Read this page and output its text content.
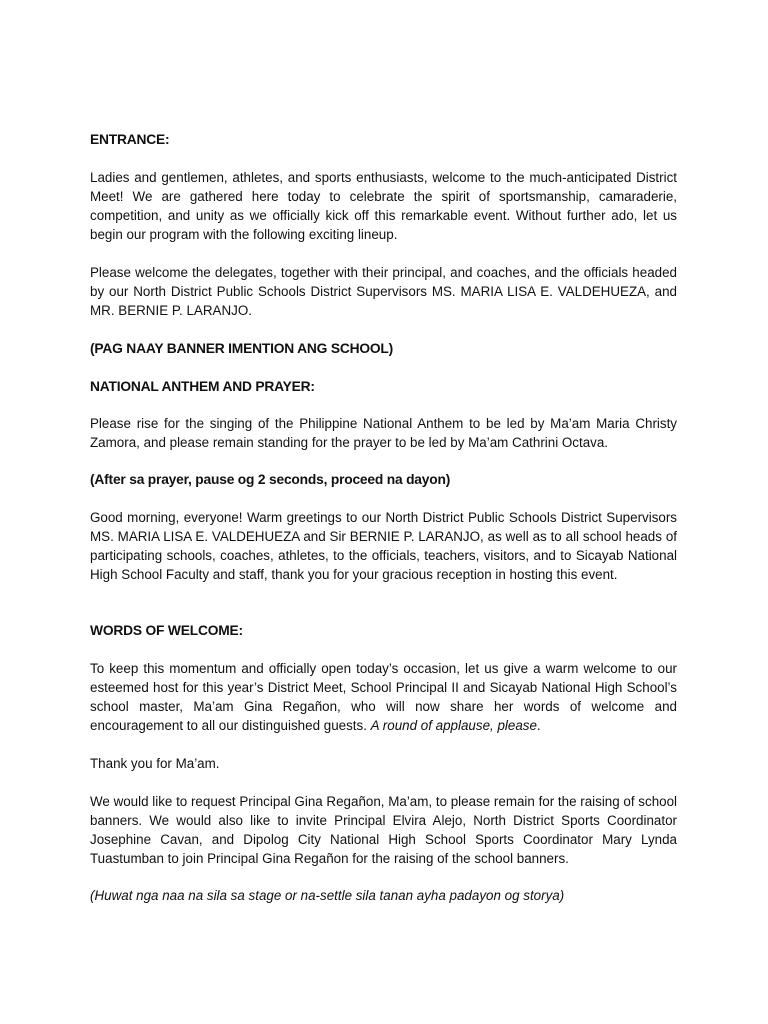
ENTRANCE:

Ladies and gentlemen, athletes, and sports enthusiasts, welcome to the much-anticipated District Meet! We are gathered here today to celebrate the spirit of sportsmanship, camaraderie, competition, and unity as we officially kick off this remarkable event. Without further ado, let us begin our program with the following exciting lineup.

Please welcome the delegates, together with their principal, and coaches, and the officials headed by our North District Public Schools District Supervisors MS. MARIA LISA E. VALDEHUEZA, and MR. BERNIE P. LARANJO.

(PAG NAAY BANNER IMENTION ANG SCHOOL)

NATIONAL ANTHEM AND PRAYER:

Please rise for the singing of the Philippine National Anthem to be led by Ma’am Maria Christy Zamora, and please remain standing for the prayer to be led by Ma’am Cathrini Octava.

(After sa prayer, pause og 2 seconds, proceed na dayon)

Good morning, everyone! Warm greetings to our North District Public Schools District Supervisors MS. MARIA LISA E. VALDEHUEZA and Sir BERNIE P. LARANJO, as well as to all school heads of participating schools, coaches, athletes, to the officials, teachers, visitors, and to Sicayab National High School Faculty and staff, thank you for your gracious reception in hosting this event.

WORDS OF WELCOME:

To keep this momentum and officially open today’s occasion, let us give a warm welcome to our esteemed host for this year’s District Meet, School Principal II and Sicayab National High School’s school master, Ma’am Gina Regañon, who will now share her words of welcome and encouragement to all our distinguished guests. A round of applause, please.

Thank you for Ma’am.

We would like to request Principal Gina Regañon, Ma’am, to please remain for the raising of school banners. We would also like to invite Principal Elvira Alejo, North District Sports Coordinator Josephine Cavan, and Dipolog City National High School Sports Coordinator Mary Lynda Tuastumban to join Principal Gina Regañon for the raising of the school banners.

(Huwat nga naa na sila sa stage or na-settle sila tanan ayha padayon og storya)
